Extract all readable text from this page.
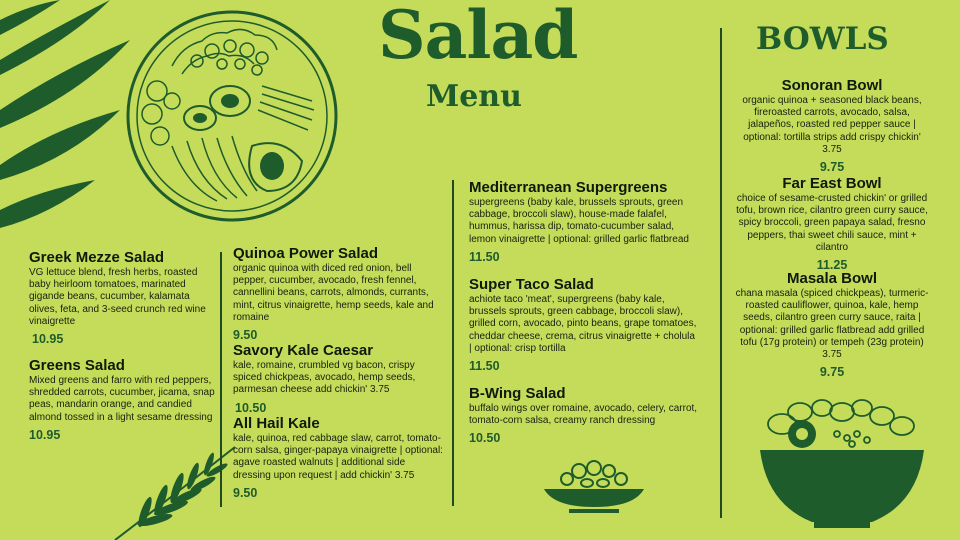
Salad
Menu
Greek Mezze Salad
VG lettuce blend, fresh herbs, roasted baby heirloom tomatoes, marinated gigande beans, cucumber, kalamata olives, feta, and 3-seed crunch red wine vinaigrette
10.95
Greens Salad
Mixed greens and farro with red peppers, shredded carrots, cucumber, jicama, snap peas, mandarin orange, and candied almond tossed in a light sesame dressing
10.95
Quinoa Power Salad
organic quinoa with diced red onion, bell pepper, cucumber, avocado, fresh fennel, cannellini beans, carrots, almonds, currants, mint, citrus vinaigrette, hemp seeds, kale and romaine
9.50
Savory Kale Caesar
kale, romaine, crumbled vg bacon, crispy spiced chickpeas, avocado, hemp seeds, parmesan cheese add chickin' 3.75
10.50
All Hail Kale
kale, quinoa, red cabbage slaw, carrot, tomato-corn salsa, ginger-papaya vinaigrette | optional: agave roasted walnuts | additional side dressing upon request | add chickin' 3.75
9.50
Mediterranean Supergreens
supergreens (baby kale, brussels sprouts, green cabbage, broccoli slaw), house-made falafel, hummus, harissa dip, tomato-cucumber salad, lemon vinaigrette | optional: grilled garlic flatbread
11.50
Super Taco Salad
achiote taco 'meat', supergreens (baby kale, brussels sprouts, green cabbage, broccoli slaw), grilled corn, avocado, pinto beans, grape tomatoes, cheddar cheese, crema, citrus vinaigrette + cholula | optional: crisp tortilla
11.50
B-Wing Salad
buffalo wings over romaine, avocado, celery, carrot, tomato-corn salsa, creamy ranch dressing
10.50
BOWLS
Sonoran Bowl
organic quinoa + seasoned black beans, fireroasted carrots, avocado, salsa, jalapeños, roasted red pepper sauce | optional: tortilla strips add crispy chickin' 3.75
9.75
Far East Bowl
choice of sesame-crusted chickin' or grilled tofu, brown rice, cilantro green curry sauce, spicy broccoli, green papaya salad, fresno peppers, thai sweet chili sauce, mint + cilantro
11.25
Masala Bowl
chana masala (spiced chickpeas), turmeric-roasted cauliflower, quinoa, kale, hemp seeds, cilantro green curry sauce, raita | optional: grilled garlic flatbread add grilled tofu (17g protein) or tempeh (23g protein) 3.75
9.75
